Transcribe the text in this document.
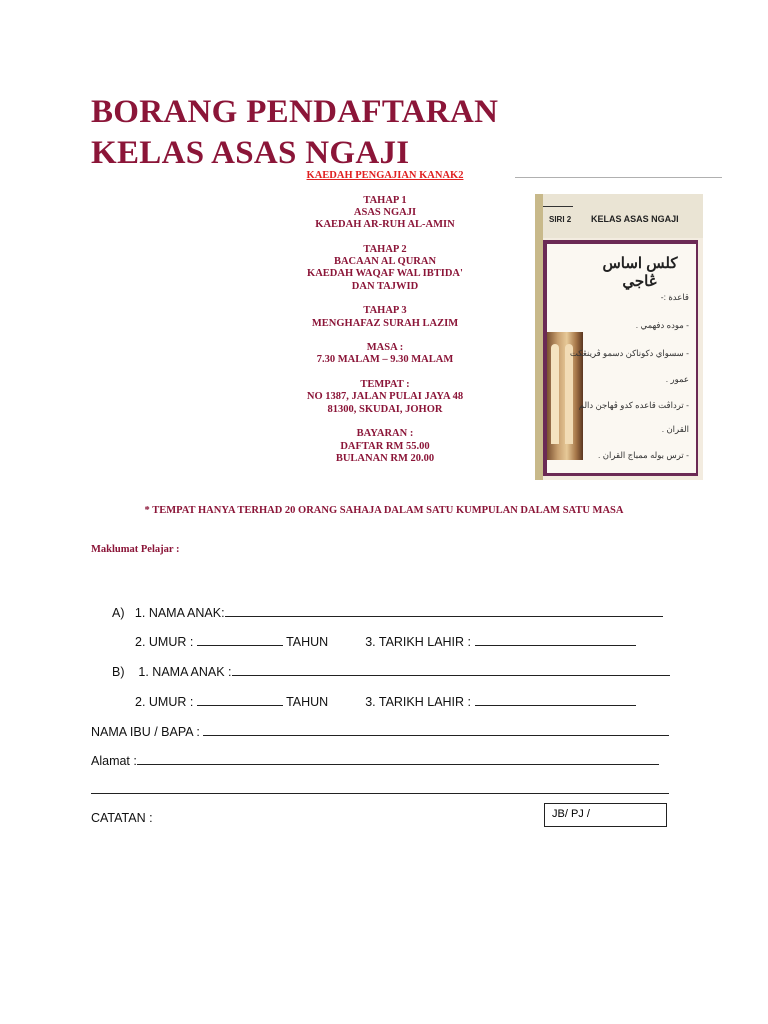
BORANG PENDAFTARAN
KELAS ASAS NGAJI
KAEDAH PENGAJIAN KANAK2
TAHAP 1
ASAS NGAJI
KAEDAH AR-RUH AL-AMIN
TAHAP 2
BACAAN AL QURAN
KAEDAH WAQAF WAL IBTIDA'
DAN TAJWID
TAHAP 3
MENGHAFAZ SURAH LAZIM
MASA :
7.30 MALAM – 9.30 MALAM
TEMPAT :
NO 1387, JALAN PULAI JAYA 48
81300, SKUDAI, JOHOR
BAYARAN :
DAFTAR RM 55.00
BULANAN RM 20.00
SIRI 2 KELAS ASAS NGAJI
كلس اساس ڠاجي
قاعدة :-
- موده دفهمي .
- سسواي دكوناكن دسمو ڤرينڠكت
عمور .
- ترداڤت قاعده كدو ڤهاجن دالم
القران .
- ترس بوله ممباج القران .
* TEMPAT HANYA TERHAD 20 ORANG SAHAJA DALAM SATU KUMPULAN DALAM SATU MASA
Maklumat Pelajar :
A) 1. NAMA ANAK:
2. UMUR :	TAHUN	3. TARIKH LAHIR :
B) 1. NAMA ANAK :
2. UMUR :	TAHUN	3. TARIKH LAHIR :
NAMA IBU / BAPA :
Alamat :
CATATAN :	JB/ PJ /
